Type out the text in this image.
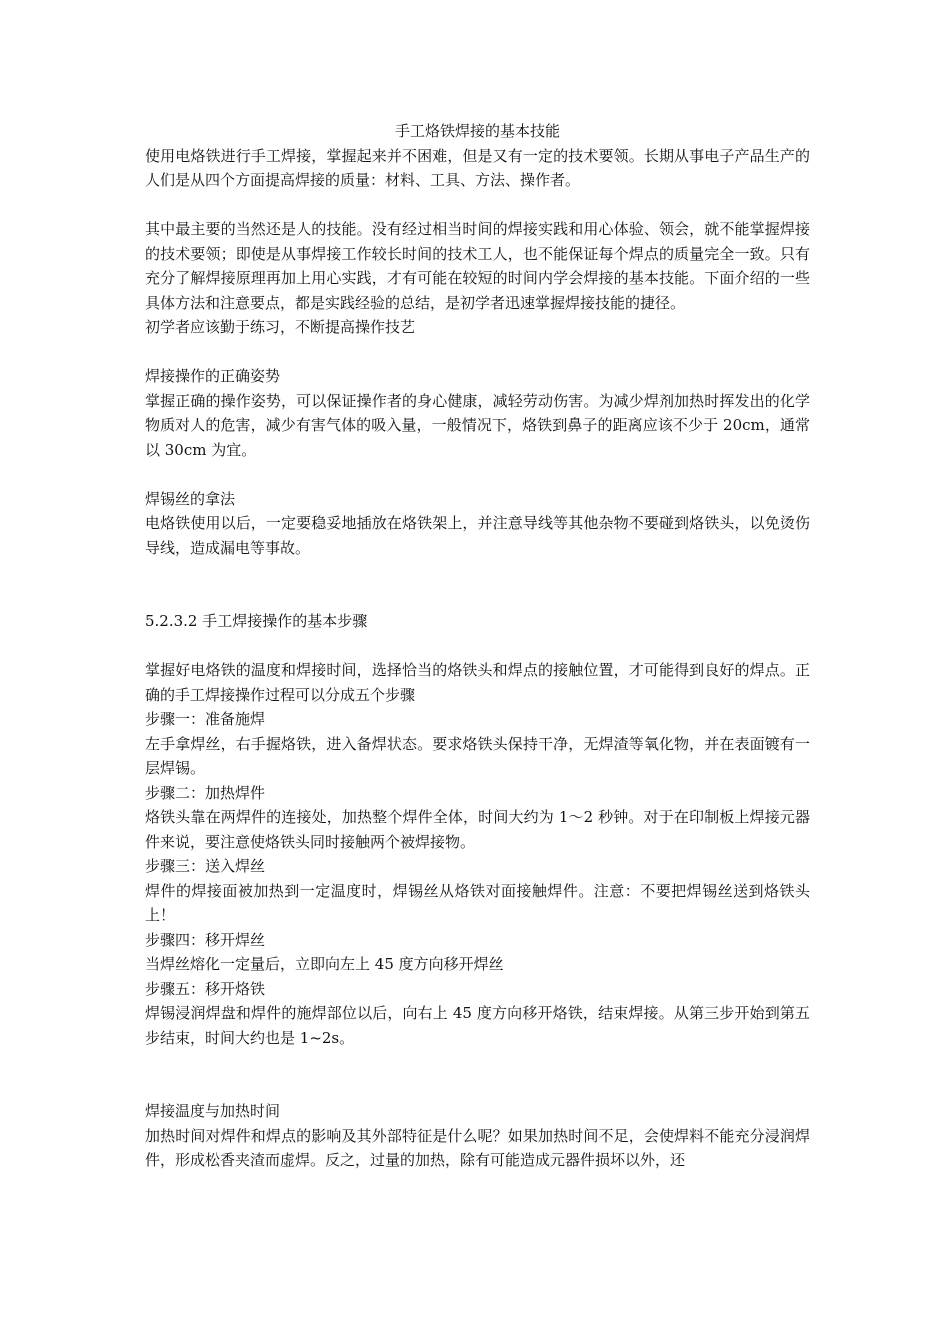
手工烙铁焊接的基本技能

使用电烙铁进行手工焊接，掌握起来并不困难，但是又有一定的技术要领。长期从事电子产品生产的人们是从四个方面提高焊接的质量：材料、工具、方法、操作者。

其中最主要的当然还是人的技能。没有经过相当时间的焊接实践和用心体验、领会，就不能掌握焊接的技术要领；即使是从事焊接工作较长时间的技术工人，也不能保证每个焊点的质量完全一致。只有充分了解焊接原理再加上用心实践，才有可能在较短的时间内学会焊接的基本技能。下面介绍的一些具体方法和注意要点，都是实践经验的总结，是初学者迅速掌握焊接技能的捷径。

初学者应该勤于练习，不断提高操作技艺

焊接操作的正确姿势

掌握正确的操作姿势，可以保证操作者的身心健康，减轻劳动伤害。为减少焊剂加热时挥发出的化学物质对人的危害，减少有害气体的吸入量，一般情况下，烙铁到鼻子的距离应该不少于 20cm，通常以 30cm 为宜。

焊锡丝的拿法

电烙铁使用以后，一定要稳妥地插放在烙铁架上，并注意导线等其他杂物不要碰到烙铁头，以免烫伤导线，造成漏电等事故。

5.2.3.2 手工焊接操作的基本步骤

掌握好电烙铁的温度和焊接时间，选择恰当的烙铁头和焊点的接触位置，才可能得到良好的焊点。正确的手工焊接操作过程可以分成五个步骤

步骤一：准备施焊

左手拿焊丝，右手握烙铁，进入备焊状态。要求烙铁头保持干净，无焊渣等氧化物，并在表面镀有一层焊锡。

步骤二：加热焊件

烙铁头靠在两焊件的连接处，加热整个焊件全体，时间大约为 1～2 秒钟。对于在印制板上焊接元器件来说，要注意使烙铁头同时接触两个被焊接物。

步骤三：送入焊丝

焊件的焊接面被加热到一定温度时，焊锡丝从烙铁对面接触焊件。注意：不要把焊锡丝送到烙铁头上！

步骤四：移开焊丝

当焊丝熔化一定量后，立即向左上 45 度方向移开焊丝

步骤五：移开烙铁

焊锡浸润焊盘和焊件的施焊部位以后，向右上 45 度方向移开烙铁，结束焊接。从第三步开始到第五步结束，时间大约也是 1~2s。

焊接温度与加热时间

加热时间对焊件和焊点的影响及其外部特征是什么呢？如果加热时间不足，会使焊料不能充分浸润焊件，形成松香夹渣而虚焊。反之，过量的加热，除有可能造成元器件损坏以外，还
